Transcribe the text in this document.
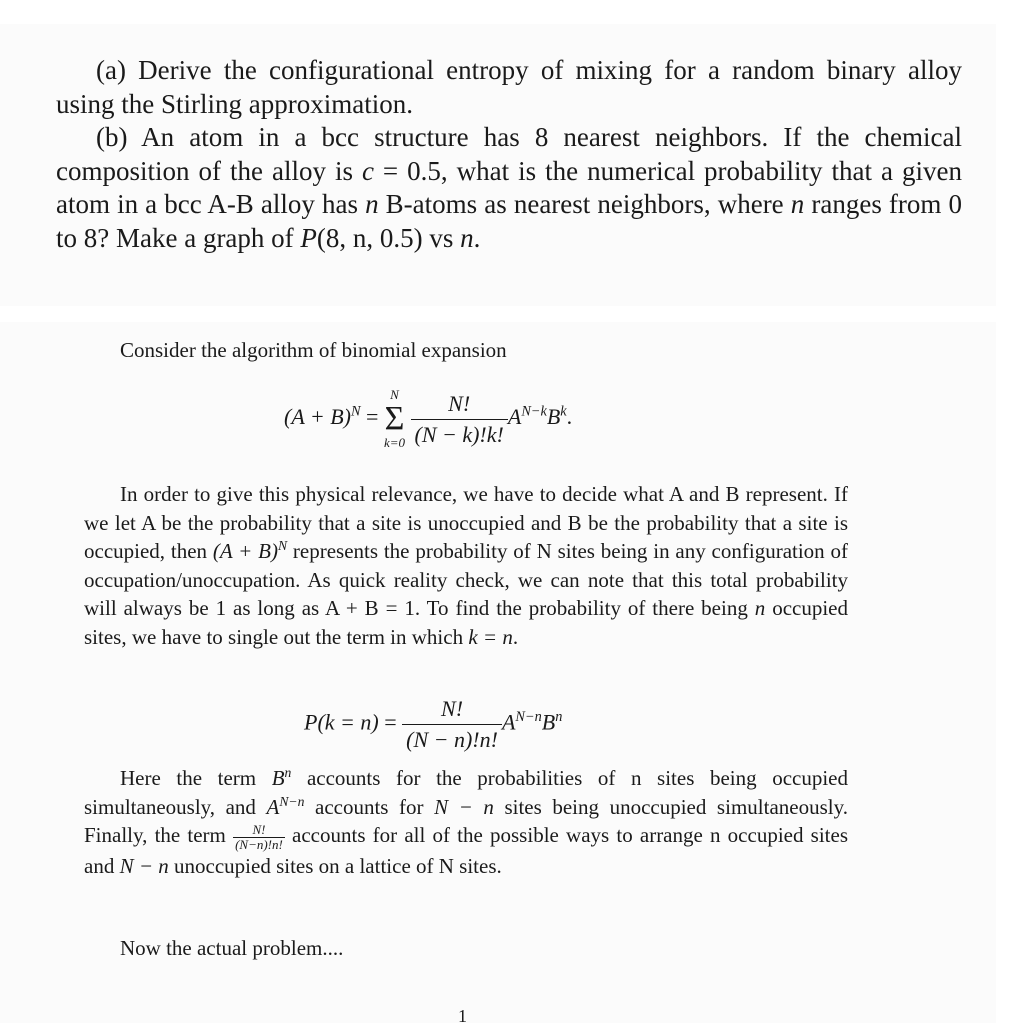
(a) Derive the configurational entropy of mixing for a random binary alloy using the Stirling approximation.

(b) An atom in a bcc structure has 8 nearest neighbors. If the chemical composition of the alloy is c = 0.5, what is the numerical probability that a given atom in a bcc A-B alloy has n B-atoms as nearest neighbors, where n ranges from 0 to 8? Make a graph of P(8, n, 0.5) vs n.

Consider the algorithm of binomial expansion

$(A + B)^N$ =
N
Σ
k=0
$\frac{N!}{(N - k)!k!} A^{N-k}B^k$.

In order to give this physical relevance, we have to decide what A and B represent. If we let A be the probability that a site is unoccupied and B be the probability that a site is occupied, then $(A + B)^N$ represents the probability of N sites being in any configuration of occupation/unoccupation. As quick reality check, we can note that this total probability will always be 1 as long as A + B = 1. To find the probability of there being n occupied sites, we have to single out the term in which k = n.

$P(k = n) = \frac{N!}{(N - n)!n!} A^{N-n}B^n$

Here the term $B^n$ accounts for the probabilities of n sites being occupied simultaneously, and $A^{N-n}$ accounts for N − n sites being unoccupied simultaneously. Finally, the term $\frac{N!}{(N-n)!n!}$ accounts for all of the possible ways to arrange n occupied sites and N − n unoccupied sites on a lattice of N sites.

Now the actual problem....

1
